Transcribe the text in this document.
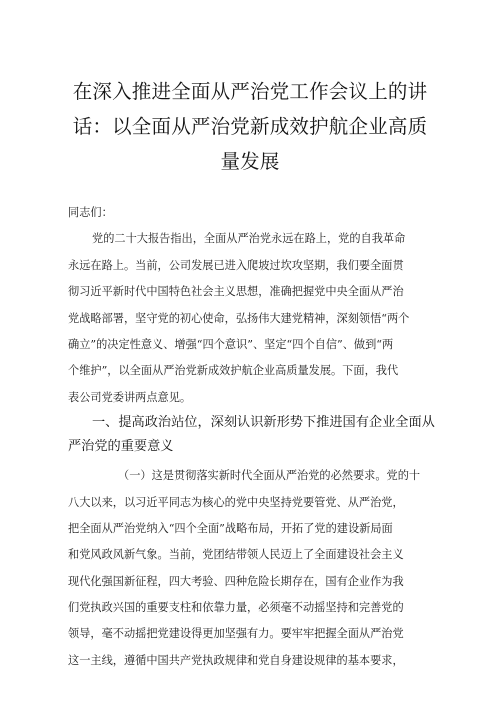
在深入推进全面从严治党工作会议上的讲
话：以全面从严治党新成效护航企业高质
量发展
同志们：
党的二十大报告指出，全面从严治党永远在路上，党的自我革命
永远在路上。当前，公司发展已进入爬坡过坎攻坚期，我们要全面贯
彻习近平新时代中国特色社会主义思想，准确把握党中央全面从严治
党战略部署，坚守党的初心使命，弘扬伟大建党精神，深刻领悟“两个
确立”的决定性意义、增强“四个意识”、坚定“四个自信”、做到“两
个维护”，以全面从严治党新成效护航企业高质量发展。下面，我代
表公司党委讲两点意见。
一、提高政治站位，深刻认识新形势下推进国有企业全面从
严治党的重要意义
（一）这是贯彻落实新时代全面从严治党的必然要求。党的十
八大以来，以习近平同志为核心的党中央坚持党要管党、从严治党，
把全面从严治党纳入“四个全面”战略布局，开拓了党的建设新局面
和党风政风新气象。当前，党团结带领人民迈上了全面建设社会主义
现代化强国新征程，四大考验、四种危险长期存在，国有企业作为我
们党执政兴国的重要支柱和依靠力量，必须毫不动摇坚持和完善党的
领导，毫不动摇把党建设得更加坚强有力。要牢牢把握全面从严治党
这一主线，遵循中国共产党执政规律和党自身建设规律的基本要求，
